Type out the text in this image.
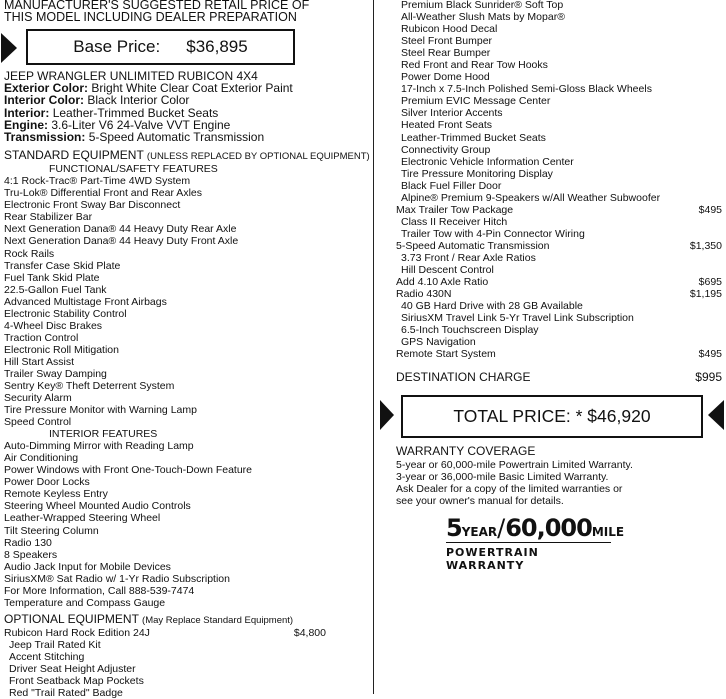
MANUFACTURER'S SUGGESTED RETAIL PRICE OF
THIS MODEL INCLUDING DEALER PREPARATION
Base Price: $36,895
JEEP WRANGLER UNLIMITED RUBICON 4X4
Exterior Color: Bright White Clear Coat Exterior Paint
Interior Color: Black Interior Color
Interior: Leather-Trimmed Bucket Seats
Engine: 3.6-Liter V6 24-Valve VVT Engine
Transmission: 5-Speed Automatic Transmission
STANDARD EQUIPMENT (UNLESS REPLACED BY OPTIONAL EQUIPMENT)
FUNCTIONAL/SAFETY FEATURES
4:1 Rock-Trac® Part-Time 4WD System
Tru-Lok® Differential Front and Rear Axles
Electronic Front Sway Bar Disconnect
Rear Stabilizer Bar
Next Generation Dana® 44 Heavy Duty Rear Axle
Next Generation Dana® 44 Heavy Duty Front Axle
Rock Rails
Transfer Case Skid Plate
Fuel Tank Skid Plate
22.5-Gallon Fuel Tank
Advanced Multistage Front Airbags
Electronic Stability Control
4-Wheel Disc Brakes
Traction Control
Electronic Roll Mitigation
Hill Start Assist
Trailer Sway Damping
Sentry Key® Theft Deterrent System
Security Alarm
Tire Pressure Monitor with Warning Lamp
Speed Control
INTERIOR FEATURES
Auto-Dimming Mirror with Reading Lamp
Air Conditioning
Power Windows with Front One-Touch-Down Feature
Power Door Locks
Remote Keyless Entry
Steering Wheel Mounted Audio Controls
Leather-Wrapped Steering Wheel
Tilt Steering Column
Radio 130
8 Speakers
Audio Jack Input for Mobile Devices
SiriusXM® Sat Radio w/ 1-Yr Radio Subscription
For More Information, Call 888-539-7474
Temperature and Compass Gauge
OPTIONAL EQUIPMENT (May Replace Standard Equipment)
Rubicon Hard Rock Edition 24J	$4,800
Jeep Trail Rated Kit
Accent Stitching
Driver Seat Height Adjuster
Front Seatback Map Pockets
Red "Trail Rated" Badge
Premium Black Sunrider® Soft Top
All-Weather Slush Mats by Mopar®
Rubicon Hood Decal
Steel Front Bumper
Steel Rear Bumper
Red Front and Rear Tow Hooks
Power Dome Hood
17-Inch x 7.5-Inch Polished Semi-Gloss Black Wheels
Premium EVIC Message Center
Silver Interior Accents
Heated Front Seats
Leather-Trimmed Bucket Seats
Connectivity Group
Electronic Vehicle Information Center
Tire Pressure Monitoring Display
Black Fuel Filler Door
Alpine® Premium 9-Speakers w/All Weather Subwoofer
Max Trailer Tow Package	$495
Class II Receiver Hitch
Trailer Tow with 4-Pin Connector Wiring
5-Speed Automatic Transmission	$1,350
3.73 Front / Rear Axle Ratios
Hill Descent Control
Add 4.10 Axle Ratio	$695
Radio 430N	$1,195
40 GB Hard Drive with 28 GB Available
SiriusXM Travel Link 5-Yr Travel Link Subscription
6.5-Inch Touchscreen Display
GPS Navigation
Remote Start System	$495
DESTINATION CHARGE	$995
TOTAL PRICE: * $46,920
WARRANTY COVERAGE
5-year or 60,000-mile Powertrain Limited Warranty.
3-year or 36,000-mile Basic Limited Warranty.
Ask Dealer for a copy of the limited warranties or
see your owner's manual for details.
5YEAR/60,000MILE
POWERTRAIN WARRANTY
